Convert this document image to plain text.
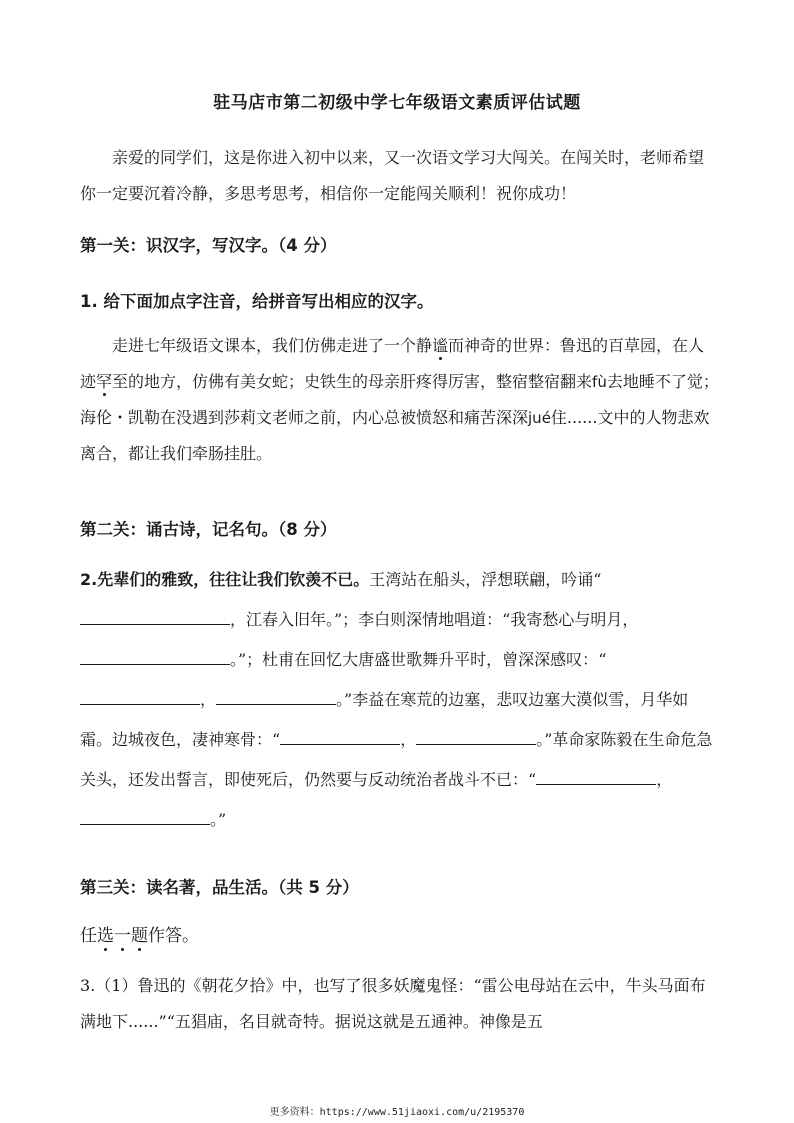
驻马店市第二初级中学七年级语文素质评估试题

亲爱的同学们，这是你进入初中以来，又一次语文学习大闯关。在闯关时，老师希望你一定要沉着冷静，多思考思考，相信你一定能闯关顺利！祝你成功！

第一关：识汉字，写汉字。（4 分）
1. 给下面加点字注音，给拼音写出相应的汉字。

走进七年级语文课本，我们仿佛走进了一个静谧而神奇的世界：鲁迅的百草园，在人迹罕至的地方，仿佛有美女蛇；史铁生的母亲肝疼得厉害，整宿整宿翻来fù去地睡不了觉；海伦・凯勒在没遇到莎莉文老师之前，内心总被愤怒和痛苦深深jué住......文中的人物悲欢离合，都让我们牵肠挂肚。

第二关：诵古诗，记名句。（8 分）

2.先辈们的雅致，往往让我们钦羡不已。王湾站在船头，浮想联翩，吟诵“，江春入旧年。”；李白则深情地唱道：“我寄愁心与明月，。”；杜甫在回忆大唐盛世歌舞升平时，曾深深感叹：“，	。”李益在寒荒的边塞，悲叹边塞大漠似雪，月华如霜。边城夜色，凄神寒骨：“	，	。”革命家陈毅在生命危急关头，还发出誓言，即使死后，仍然要与反动统治者战斗不已：“	，。”

第三关：读名著，品生活。（共 5 分）

任选一题作答。

3.（1）鲁迅的《朝花夕拾》中，也写了很多妖魔鬼怪：“雷公电母站在云中，牛头马面布满地下......”“五猖庙，名目就奇特。据说这就是五通神。神像是五

更多资料：https://www.51jiaoxi.com/u/2195370
